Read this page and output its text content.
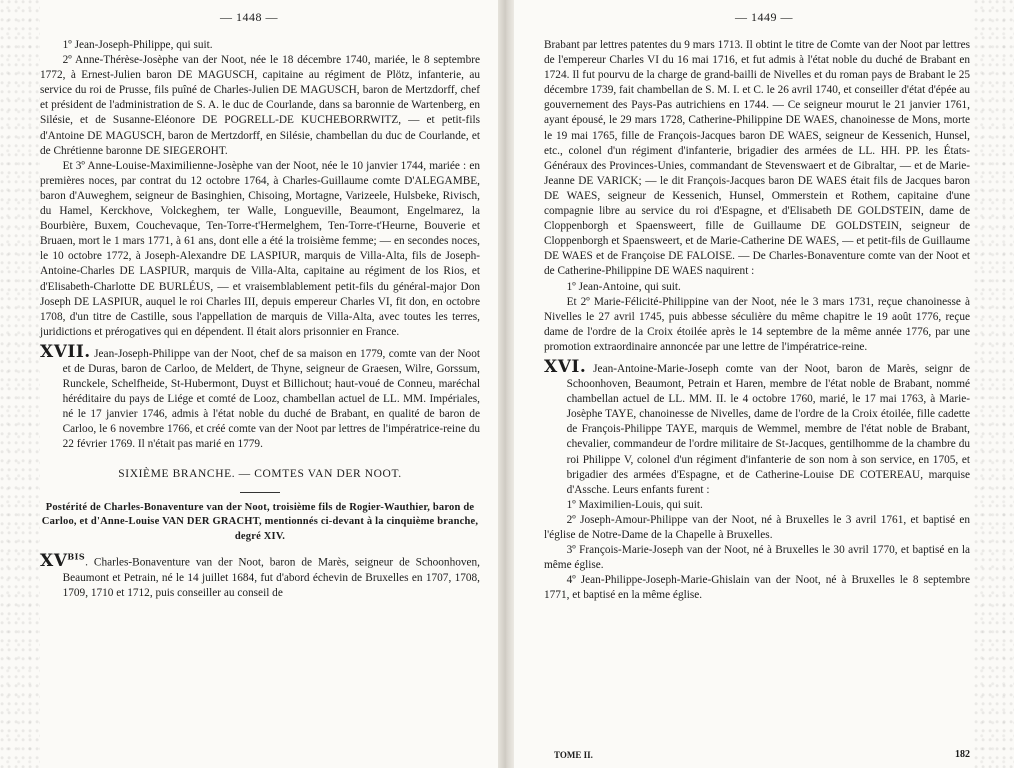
— 1448 —

1º Jean-Joseph-Philippe, qui suit.

2º Anne-Thérèse-Josèphe van der Noot, née le 18 décembre 1740, mariée, le 8 septembre 1772, à Ernest-Julien baron DE MAGUSCH, capitaine au régiment de Plötz, infanterie, au service du roi de Prusse, fils puîné de Charles-Julien DE MAGUSCH, baron de Mertzdorff, chef et président de l'administration de S. A. le duc de Courlande, dans sa baronnie de Wartenberg, en Silésie, et de Susanne-Eléonore DE POGRELL-DE KUCHEBORRWITZ, — et petit-fils d'Antoine DE MAGUSCH, baron de Mertzdorff, en Silésie, chambellan du duc de Courlande, et de Chrétienne baronne DE SIEGEROHT.

Et 3º Anne-Louise-Maximilienne-Josèphe van der Noot, née le 10 janvier 1744, mariée : en premières noces, par contrat du 12 octobre 1764, à Charles-Guillaume comte D'ALEGAMBE, baron d'Auweghem, seigneur de Basinghien, Chisoing, Mortagne, Varizeele, Hulsbeke, Rivisch, du Hamel, Kerckhove, Volckeghem, ter Walle, Longueville, Beaumont, Engelmarez, la Bourbière, Buxem, Couchevaque, Ten-Torre-t'Hermelghem, Ten-Torre-t'Heurne, Bouverie et Bruaen, mort le 1 mars 1771, à 61 ans, dont elle a été la troisième femme; — en secondes noces, le 10 octobre 1772, à Joseph-Alexandre DE LASPIUR, marquis de Villa-Alta, fils de Joseph-Antoine-Charles DE LASPIUR, marquis de Villa-Alta, capitaine au régiment de los Rios, et d'Elisabeth-Charlotte DE BURLÉUS, — et vraisemblablement petit-fils du général-major Don Joseph DE LASPIUR, auquel le roi Charles III, depuis empereur Charles VI, fit don, en octobre 1708, d'un titre de Castille, sous l'appellation de marquis de Villa-Alta, avec toutes les terres, juridictions et prérogatives qui en dépendent. Il était alors prisonnier en France.

XVII. Jean-Joseph-Philippe van der Noot, chef de sa maison en 1779, comte van der Noot et de Duras, baron de Carloo, de Meldert, de Thyne, seigneur de Graesen, Wilre, Gorssum, Runckele, Schelfheide, St-Hubermont, Duyst et Billichout; haut-voué de Conneu, maréchal héréditaire du pays de Liége et comté de Looz, chambellan actuel de LL. MM. Impériales, né le 17 janvier 1746, admis à l'état noble du duché de Brabant, en qualité de baron de Carloo, le 6 novembre 1766, et créé comte van der Noot par lettres de l'impératrice-reine du 22 février 1769. Il n'était pas marié en 1779.

SIXIÈME BRANCHE. — COMTES VAN DER NOOT.
Postérité de Charles-Bonaventure van der Noot, troisième fils de Rogier-Wauthier, baron de Carloo, et d'Anne-Louise VAN DER GRACHT, mentionnés ci-devant à la cinquième branche, degré XIV.

$XV^{BIS}$. Charles-Bonaventure van der Noot, baron de Marès, seigneur de Schoonhoven, Beaumont et Petrain, né le 14 juillet 1684, fut d'abord échevin de Bruxelles en 1707, 1708, 1709, 1710 et 1712, puis conseiller au conseil de

— 1449 —

Brabant par lettres patentes du 9 mars 1713. Il obtint le titre de Comte van der Noot par lettres de l'empereur Charles VI du 16 mai 1716, et fut admis à l'état noble du duché de Brabant en 1724. Il fut pourvu de la charge de grand-bailli de Nivelles et du roman pays de Brabant le 25 décembre 1739, fait chambellan de S. M. I. et C. le 26 avril 1740, et conseiller d'état d'épée au gouvernement des Pays-Pas autrichiens en 1744. — Ce seigneur mourut le 21 janvier 1761, ayant épousé, le 29 mars 1728, Catherine-Philippine DE WAES, chanoinesse de Mons, morte le 19 mai 1765, fille de François-Jacques baron DE WAES, seigneur de Kessenich, Hunsel, etc., colonel d'un régiment d'infanterie, brigadier des armées de LL. HH. PP. les États-Généraux des Provinces-Unies, commandant de Stevenswaert et de Gibraltar, — et de Marie-Jeanne DE VARICK; — le dit François-Jacques baron DE WAES était fils de Jacques baron DE WAES, seigneur de Kessenich, Hunsel, Ommerstein et Rothem, capitaine d'une compagnie libre au service du roi d'Espagne, et d'Elisabeth DE GOLDSTEIN, dame de Cloppenborgh et Spaensweert, fille de Guillaume DE GOLDSTEIN, seigneur de Cloppenborgh et Spaensweert, et de Marie-Catherine DE WAES, — et petit-fils de Guillaume DE WAES et de Françoise DE FALOISE. — De Charles-Bonaventure comte van der Noot et de Catherine-Philippine DE WAES naquirent :

1º Jean-Antoine, qui suit.

Et 2º Marie-Félicité-Philippine van der Noot, née le 3 mars 1731, reçue chanoinesse à Nivelles le 27 avril 1745, puis abbesse séculière du même chapitre le 19 août 1776, reçue dame de l'ordre de la Croix étoilée après le 14 septembre de la même année 1776, par une promotion extraordinaire annoncée par une lettre de l'impératrice-reine.

XVI. Jean-Antoine-Marie-Joseph comte van der Noot, baron de Marès, seignr de Schoonhoven, Beaumont, Petrain et Haren, membre de l'état noble de Brabant, nommé chambellan actuel de LL. MM. II. le 4 octobre 1760, marié, le 17 mai 1763, à Marie-Josèphe TAYE, chanoinesse de Nivelles, dame de l'ordre de la Croix étoilée, fille cadette de François-Philippe TAYE, marquis de Wemmel, membre de l'état noble de Brabant, chevalier, commandeur de l'ordre militaire de St-Jacques, gentilhomme de la chambre du roi Philippe V, colonel d'un régiment d'infanterie de son nom à son service, en 1705, et brigadier des armées d'Espagne, et de Catherine-Louise DE COTEREAU, marquise d'Assche. Leurs enfants furent :

1º Maximilien-Louis, qui suit.

2º Joseph-Amour-Philippe van der Noot, né à Bruxelles le 3 avril 1761, et baptisé en l'église de Notre-Dame de la Chapelle à Bruxelles.

3º François-Marie-Joseph van der Noot, né à Bruxelles le 30 avril 1770, et baptisé en la même église.

4º Jean-Philippe-Joseph-Marie-Ghislain van der Noot, né à Bruxelles le 8 septembre 1771, et baptisé en la même église.

TOME II.	182
